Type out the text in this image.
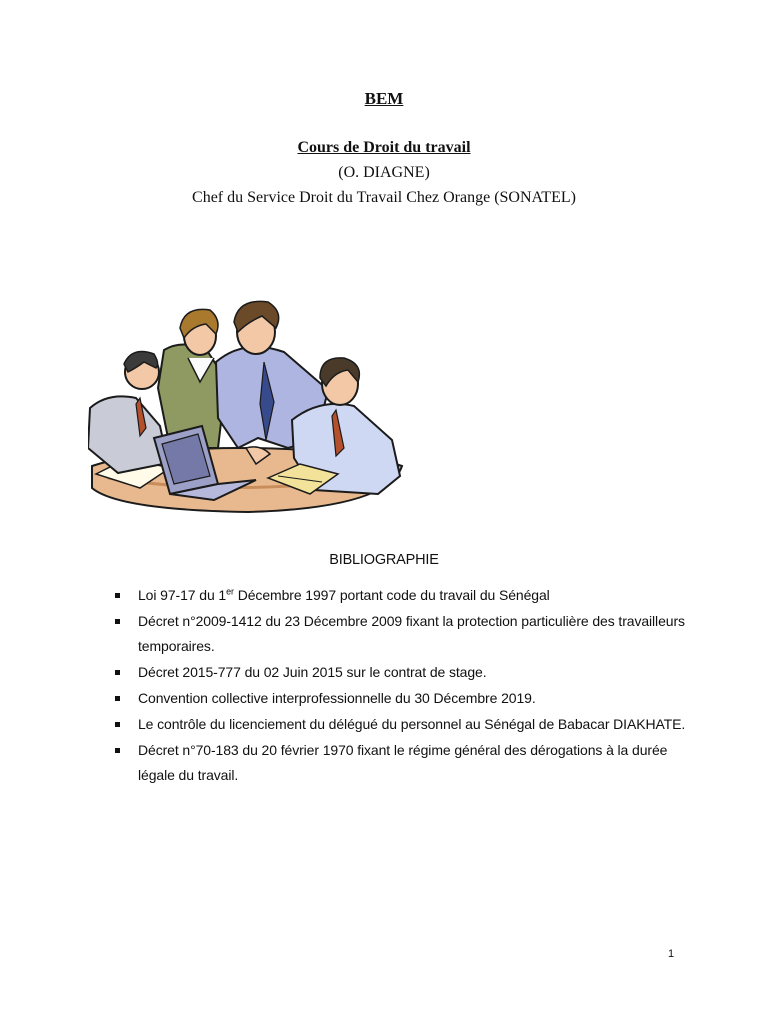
BEM
Cours de Droit du travail
(O. DIAGNE)
Chef du Service Droit du Travail Chez Orange (SONATEL)
BIBLIOGRAPHIE
Loi 97-17 du 1er Décembre 1997 portant code du travail du Sénégal
Décret n°2009-1412 du 23 Décembre 2009 fixant la protection particulière des travailleurs temporaires.
Décret 2015-777 du 02 Juin 2015 sur le contrat de stage.
Convention collective interprofessionnelle du 30 Décembre 2019.
Le contrôle du licenciement du délégué du personnel au Sénégal de Babacar DIAKHATE.
Décret n°70-183 du 20 février 1970 fixant le régime général des dérogations à la durée légale du travail.
1
